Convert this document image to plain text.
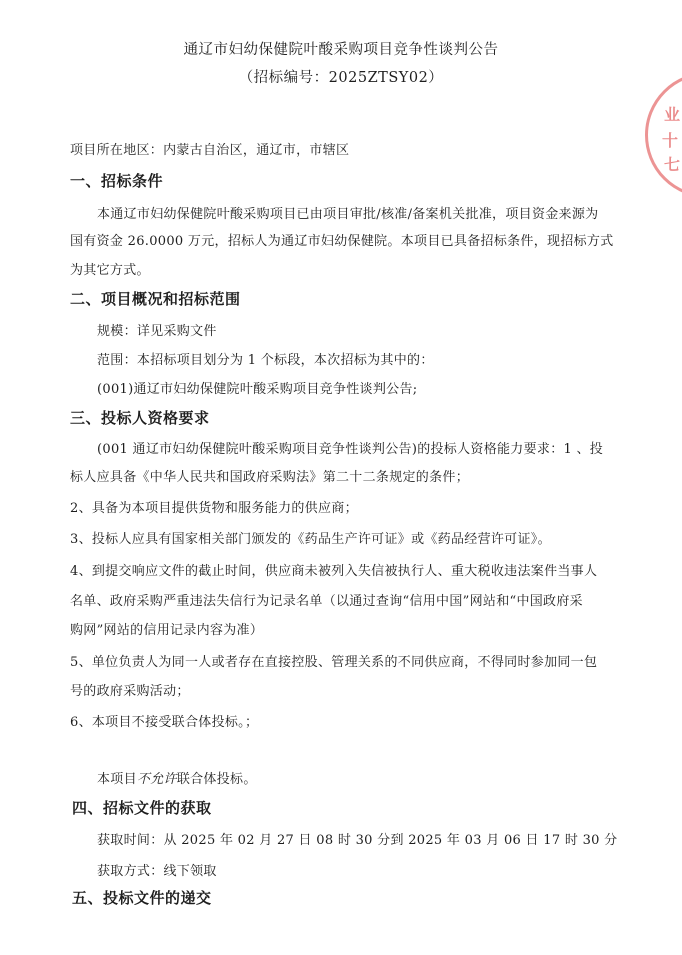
通辽市妇幼保健院叶酸采购项目竞争性谈判公告
（招标编号：2025ZTSY02）
业
十
七
项目所在地区：内蒙古自治区，通辽市，市辖区
一、招标条件
本通辽市妇幼保健院叶酸采购项目已由项目审批/核准/备案机关批准，项目资金来源为
国有资金 26.0000 万元，招标人为通辽市妇幼保健院。本项目已具备招标条件，现招标方式
为其它方式。
二、项目概况和招标范围
规模：详见采购文件
范围：本招标项目划分为 1 个标段，本次招标为其中的：
(001)通辽市妇幼保健院叶酸采购项目竞争性谈判公告;
三、投标人资格要求
(001 通辽市妇幼保健院叶酸采购项目竞争性谈判公告)的投标人资格能力要求：1 、投
标人应具备《中华人民共和国政府采购法》第二十二条规定的条件；
2、具备为本项目提供货物和服务能力的供应商；
3、投标人应具有国家相关部门颁发的《药品生产许可证》或《药品经营许可证》。
4、到提交响应文件的截止时间，供应商未被列入失信被执行人、重大税收违法案件当事人
名单、政府采购严重违法失信行为记录名单（以通过查询“信用中国”网站和“中国政府采
购网”网站的信用记录内容为准）
5、单位负责人为同一人或者存在直接控股、管理关系的不同供应商，不得同时参加同一包
号的政府采购活动；
6、本项目不接受联合体投标。；
本项目不允许联合体投标。
四、招标文件的获取
获取时间：从 2025 年 02 月 27 日 08 时 30 分到 2025 年 03 月 06 日 17 时 30 分
获取方式：线下领取
五、投标文件的递交
